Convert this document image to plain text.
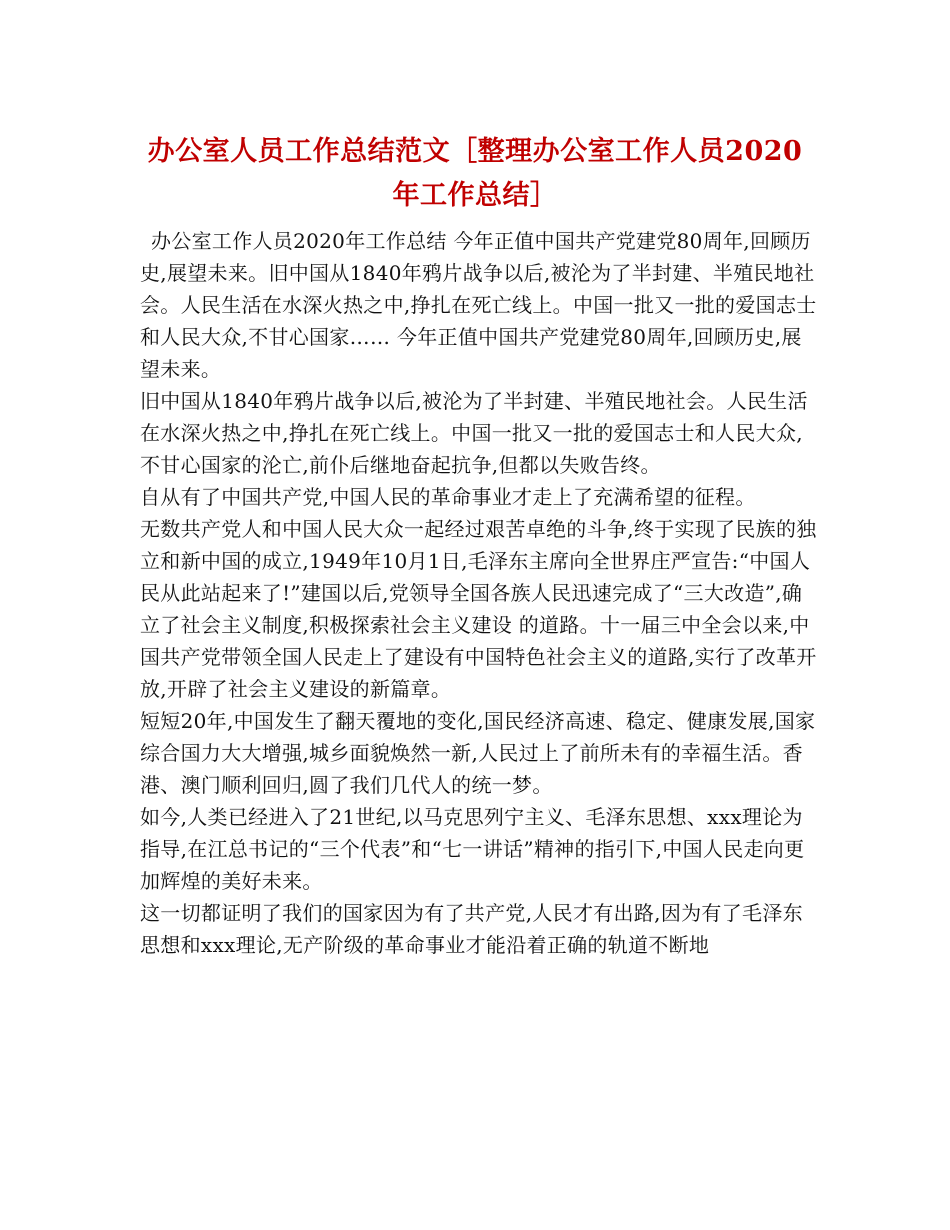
办公室人员工作总结范文［整理办公室工作人员2020
年工作总结］

办公室工作人员2020年工作总结 今年正值中国共产党建党80周年,回顾历史,展望未来。旧中国从1840年鸦片战争以后,被沦为了半封建、半殖民地社会。人民生活在水深火热之中,挣扎在死亡线上。中国一批又一批的爱国志士和人民大众,不甘心国家…… 今年正值中国共产党建党80周年,回顾历史,展望未来。

旧中国从1840年鸦片战争以后,被沦为了半封建、半殖民地社会。人民生活在水深火热之中,挣扎在死亡线上。中国一批又一批的爱国志士和人民大众,不甘心国家的沦亡,前仆后继地奋起抗争,但都以失败告终。

自从有了中国共产党,中国人民的革命事业才走上了充满希望的征程。

无数共产党人和中国人民大众一起经过艰苦卓绝的斗争,终于实现了民族的独立和新中国的成立,1949年10月1日,毛泽东主席向全世界庄严宣告:“中国人民从此站起来了!”建国以后,党领导全国各族人民迅速完成了“三大改造”,确立了社会主义制度,积极探索社会主义建设 的道路。十一届三中全会以来,中国共产党带领全国人民走上了建设有中国特色社会主义的道路,实行了改革开放,开辟了社会主义建设的新篇章。

短短20年,中国发生了翻天覆地的变化,国民经济高速、稳定、健康发展,国家综合国力大大增强,城乡面貌焕然一新,人民过上了前所未有的幸福生活。香港、澳门顺利回归,圆了我们几代人的统一梦。

如今,人类已经进入了21世纪,以马克思列宁主义、毛泽东思想、xxx理论为指导,在江总书记的“三个代表”和“七一讲话”精神的指引下,中国人民走向更加辉煌的美好未来。

这一切都证明了我们的国家因为有了共产党,人民才有出路,因为有了毛泽东思想和xxx理论,无产阶级的革命事业才能沿着正确的轨道不断地
